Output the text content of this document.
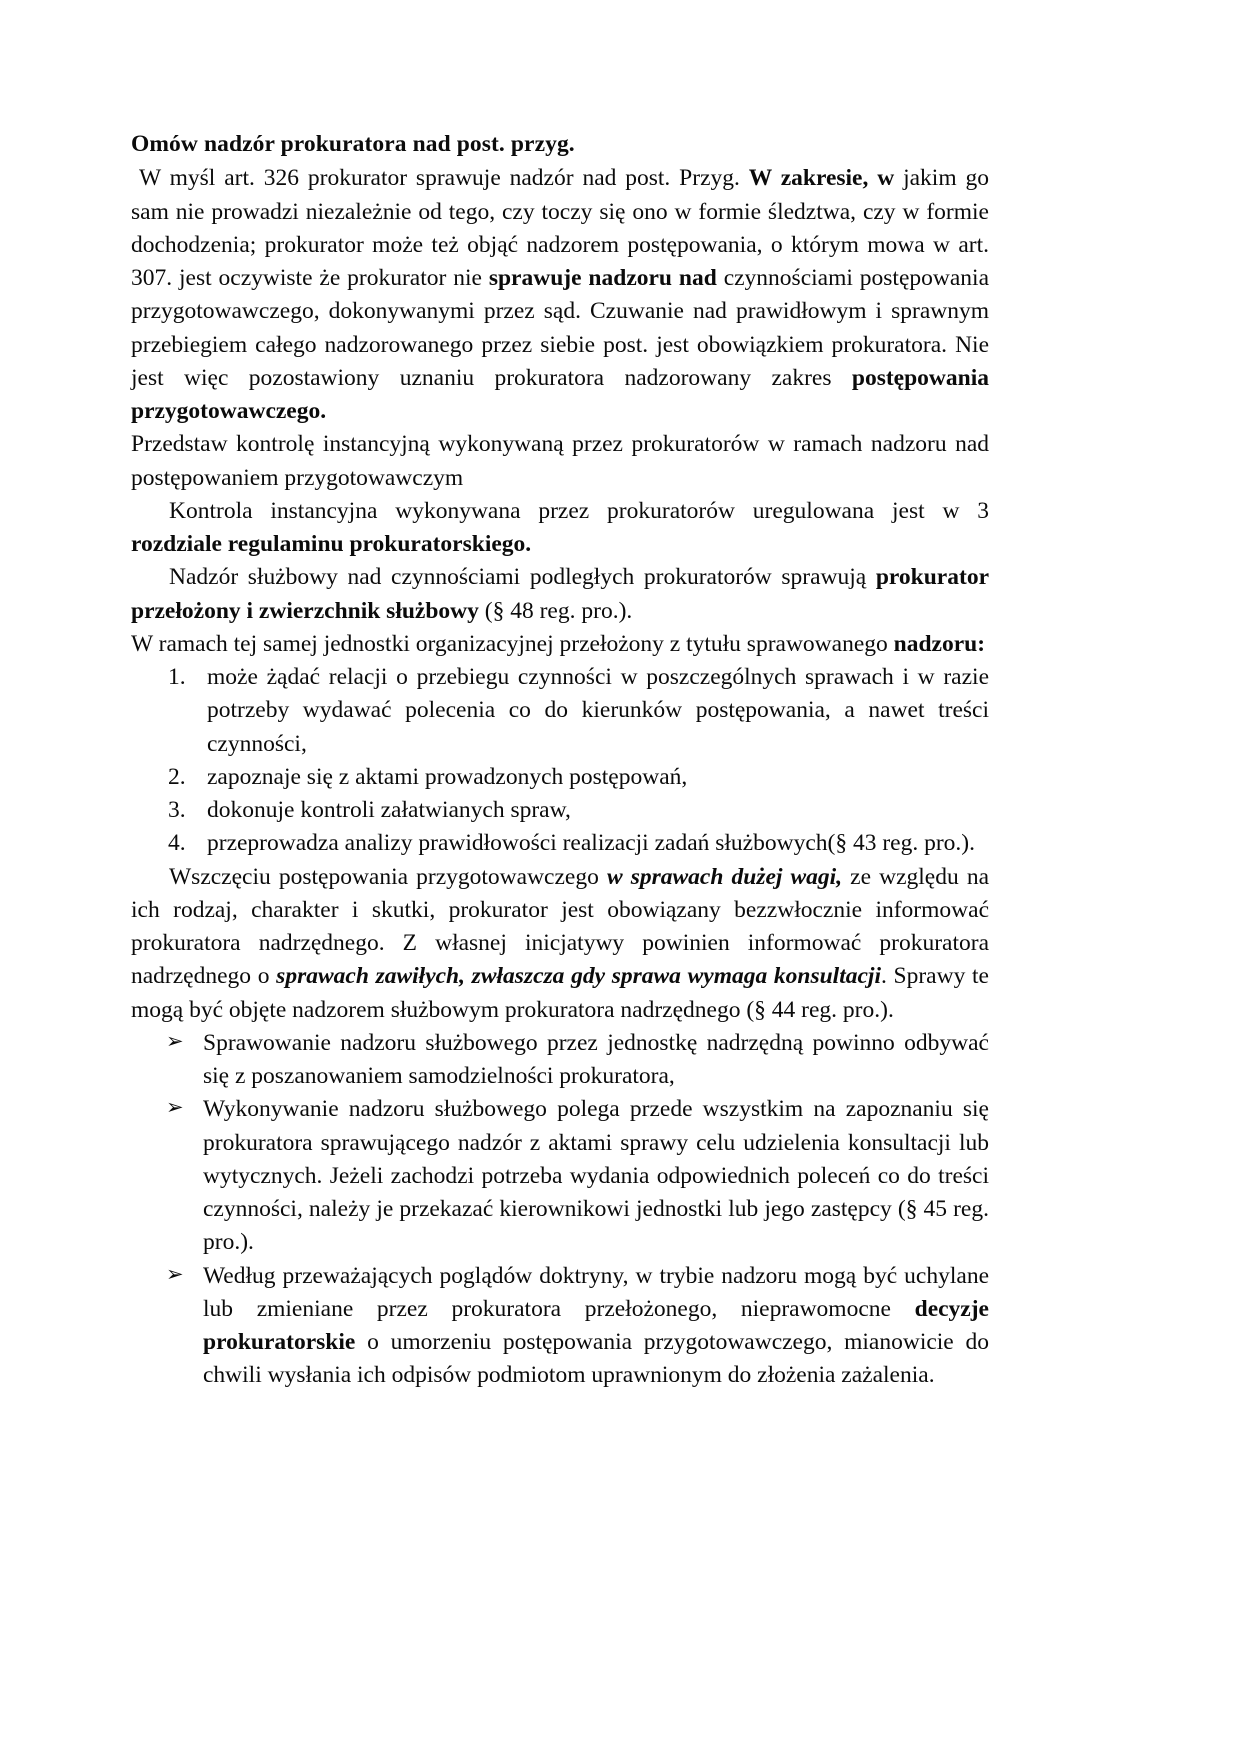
Omów nadzór prokuratora nad post. przyg.

W myśl art. 326 prokurator sprawuje nadzór nad post. Przyg. W zakresie, w jakim go sam nie prowadzi niezależnie od tego, czy toczy się ono w formie śledztwa, czy w formie dochodzenia; prokurator może też objąć nadzorem postępowania, o którym mowa w art. 307. jest oczywiste że prokurator nie sprawuje nadzoru nad czynnościami postępowania przygotowawczego, dokonywanymi przez sąd. Czuwanie nad prawidłowym i sprawnym przebiegiem całego nadzorowanego przez siebie post. jest obowiązkiem prokuratora. Nie jest więc pozostawiony uznaniu prokuratora nadzorowany zakres postępowania przygotowawczego.

Przedstaw kontrolę instancyjną wykonywaną przez prokuratorów w ramach nadzoru nad postępowaniem przygotowawczym

Kontrola instancyjna wykonywana przez prokuratorów uregulowana jest w 3 rozdziale regulaminu prokuratorskiego.

Nadzór służbowy nad czynnościami podległych prokuratorów sprawują prokurator przełożony i zwierzchnik służbowy (§ 48 reg. pro.).

W ramach tej samej jednostki organizacyjnej przełożony z tytułu sprawowanego nadzoru:

1. może żądać relacji o przebiegu czynności w poszczególnych sprawach i w razie potrzeby wydawać polecenia co do kierunków postępowania, a nawet treści czynności,
2. zapoznaje się z aktami prowadzonych postępowań,
3. dokonuje kontroli załatwianych spraw,
4. przeprowadza analizy prawidłowości realizacji zadań służbowych(§ 43 reg. pro.).

Wszczęciu postępowania przygotowawczego w sprawach dużej wagi, ze względu na ich rodzaj, charakter i skutki, prokurator jest obowiązany bezzwłocznie informować prokuratora nadrzędnego. Z własnej inicjatywy powinien informować prokuratora nadrzędnego o sprawach zawiłych, zwłaszcza gdy sprawa wymaga konsultacji. Sprawy te mogą być objęte nadzorem służbowym prokuratora nadrzędnego (§ 44 reg. pro.).

➢ Sprawowanie nadzoru służbowego przez jednostkę nadrzędną powinno odbywać się z poszanowaniem samodzielności prokuratora,
➢ Wykonywanie nadzoru służbowego polega przede wszystkim na zapoznaniu się prokuratora sprawującego nadzór z aktami sprawy celu udzielenia konsultacji lub wytycznych. Jeżeli zachodzi potrzeba wydania odpowiednich poleceń co do treści czynności, należy je przekazać kierownikowi jednostki lub jego zastępcy (§ 45 reg. pro.).
➢ Według przeważających poglądów doktryny, w trybie nadzoru mogą być uchylane lub zmieniane przez prokuratora przełożonego, nieprawomocne decyzje prokuratorskie o umorzeniu postępowania przygotowawczego, mianowicie do chwili wysłania ich odpisów podmiotom uprawnionym do złożenia zażalenia.
